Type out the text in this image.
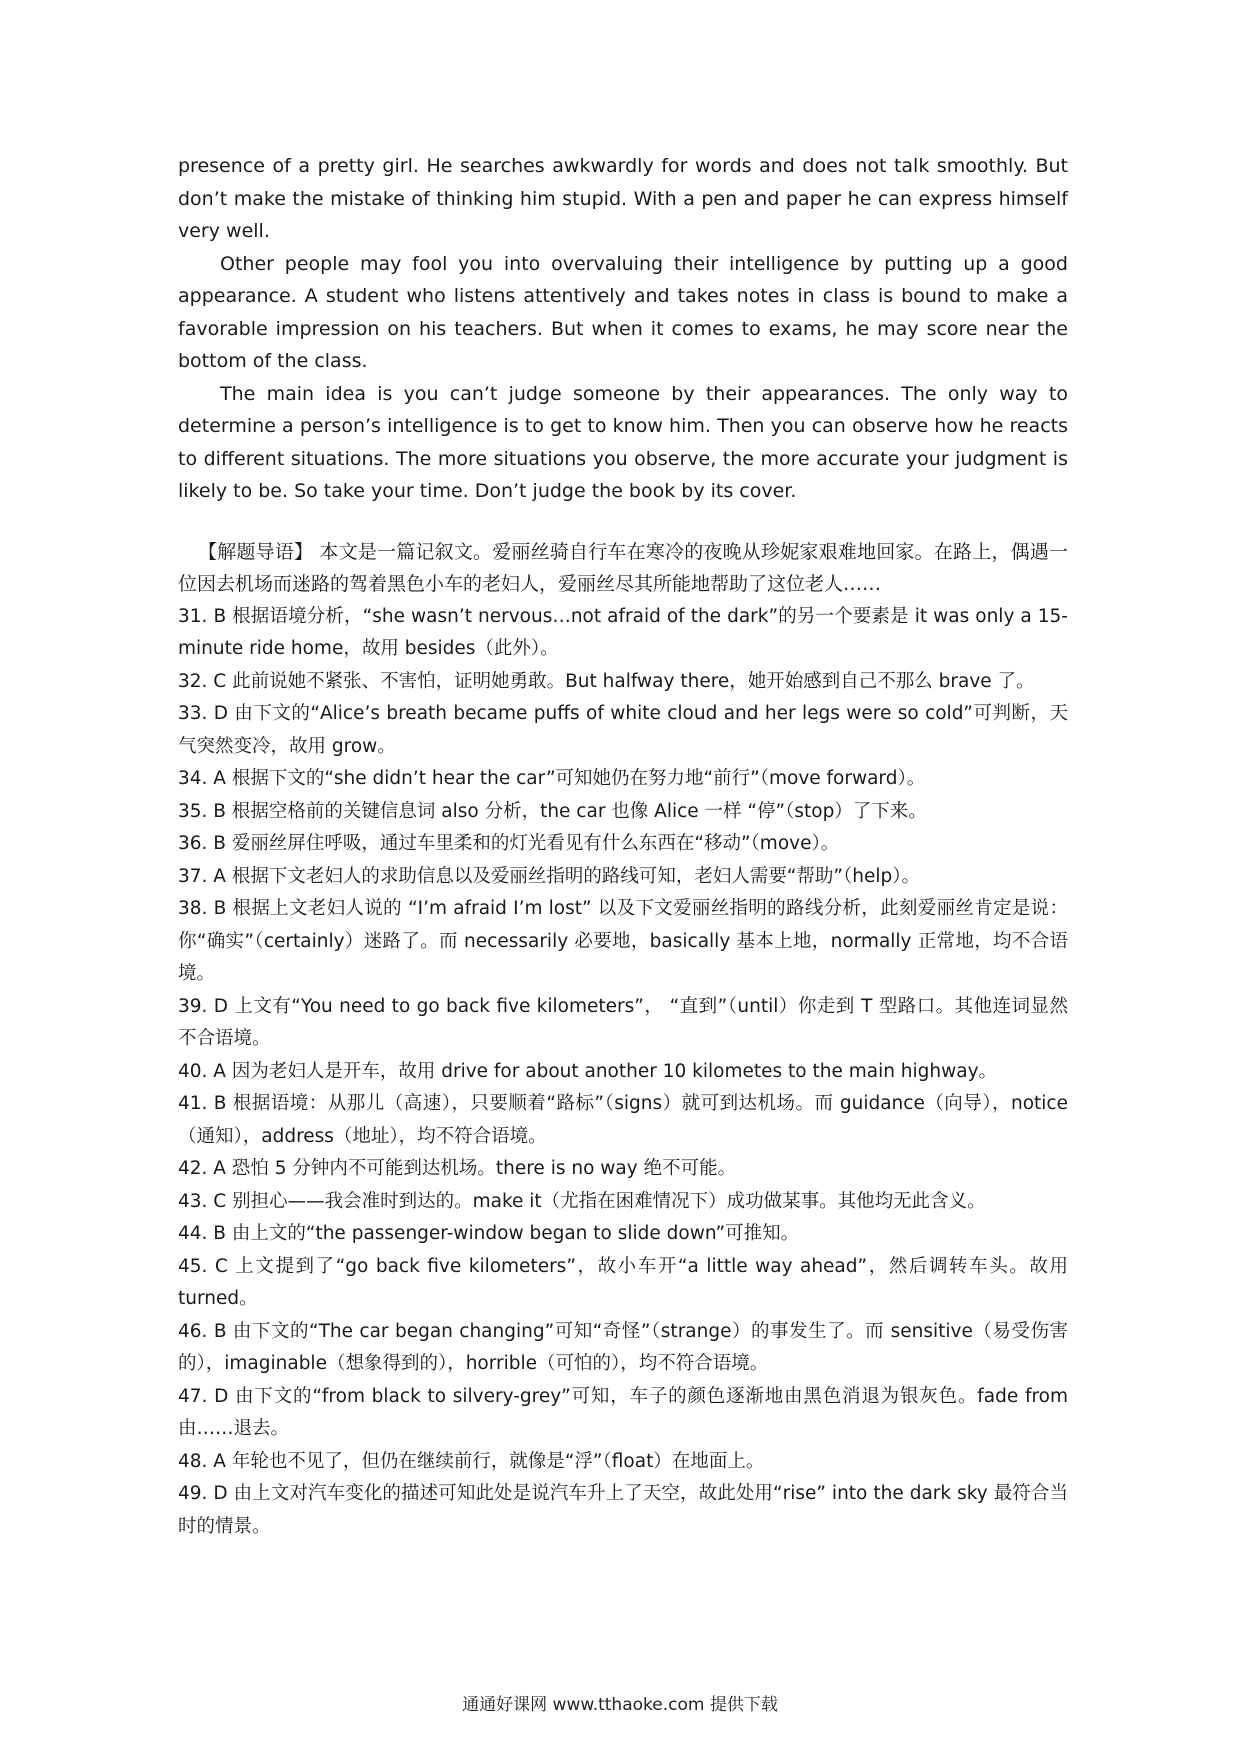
presence of a pretty girl. He searches awkwardly for words and does not talk smoothly. But don’t make the mistake of thinking him stupid. With a pen and paper he can express himself very well.

Other people may fool you into overvaluing their intelligence by putting up a good appearance. A student who listens attentively and takes notes in class is bound to make a favorable impression on his teachers. But when it comes to exams, he may score near the bottom of the class.

The main idea is you can’t judge someone by their appearances. The only way to determine a person’s intelligence is to get to know him. Then you can observe how he reacts to different situations. The more situations you observe, the more accurate your judgment is likely to be. So take your time. Don’t judge the book by its cover.

【解题导语】 本文是一篇记叙文。爱丽丝骑自行车在寒冷的夜晚从珍妮家艰难地回家。在路上，偶遇一位因去机场而迷路的驾着黑色小车的老妇人，爱丽丝尽其所能地帮助了这位老人……

31. B 根据语境分析，“she wasn’t nervous…not afraid of the dark”的另一个要素是 it was only a 15-minute ride home，故用 besides（此外）。
32. C 此前说她不紧张、不害怕，证明她勇敢。But halfway there，她开始感到自己不那么 brave 了。
33. D 由下文的“Alice’s breath became puffs of white cloud and her legs were so cold”可判断，天气突然变冷，故用 grow。
34. A 根据下文的“she didn’t hear the car”可知她仍在努力地“前行”（move forward）。
35. B 根据空格前的关键信息词 also 分析，the car 也像 Alice 一样 “停”（stop）了下来。
36. B 爱丽丝屏住呼吸，通过车里柔和的灯光看见有什么东西在“移动”（move）。
37. A 根据下文老妇人的求助信息以及爱丽丝指明的路线可知，老妇人需要“帮助”（help）。
38. B 根据上文老妇人说的 “I’m afraid I’m lost” 以及下文爱丽丝指明的路线分析，此刻爱丽丝肯定是说：你“确实”（certainly）迷路了。而 necessarily 必要地，basically 基本上地，normally 正常地，均不合语境。
39. D 上文有“You need to go back five kilometers”， “直到”（until）你走到 T 型路口。其他连词显然不合语境。
40. A 因为老妇人是开车，故用 drive for about another 10 kilometes to the main highway。
41. B 根据语境：从那儿（高速），只要顺着“路标”（signs）就可到达机场。而 guidance（向导），notice（通知），address（地址），均不符合语境。
42. A 恐怕 5 分钟内不可能到达机场。there is no way 绝不可能。
43. C 别担心——我会准时到达的。make it（尤指在困难情况下）成功做某事。其他均无此含义。
44. B 由上文的“the passenger-window began to slide down”可推知。
45. C 上文提到了“go back five kilometers”，故小车开“a little way ahead”，然后调转车头。故用 turned。
46. B 由下文的“The car began changing”可知“奇怪”（strange）的事发生了。而 sensitive（易受伤害的），imaginable（想象得到的），horrible（可怕的），均不符合语境。
47. D 由下文的“from black to silvery-grey”可知，车子的颜色逐渐地由黑色消退为银灰色。fade from 由……退去。
48. A 年轮也不见了，但仍在继续前行，就像是“浮”（float）在地面上。
49. D 由上文对汽车变化的描述可知此处是说汽车升上了天空，故此处用“rise” into the dark sky 最符合当时的情景。
通通好课网 www.tthaoke.com 提供下载
